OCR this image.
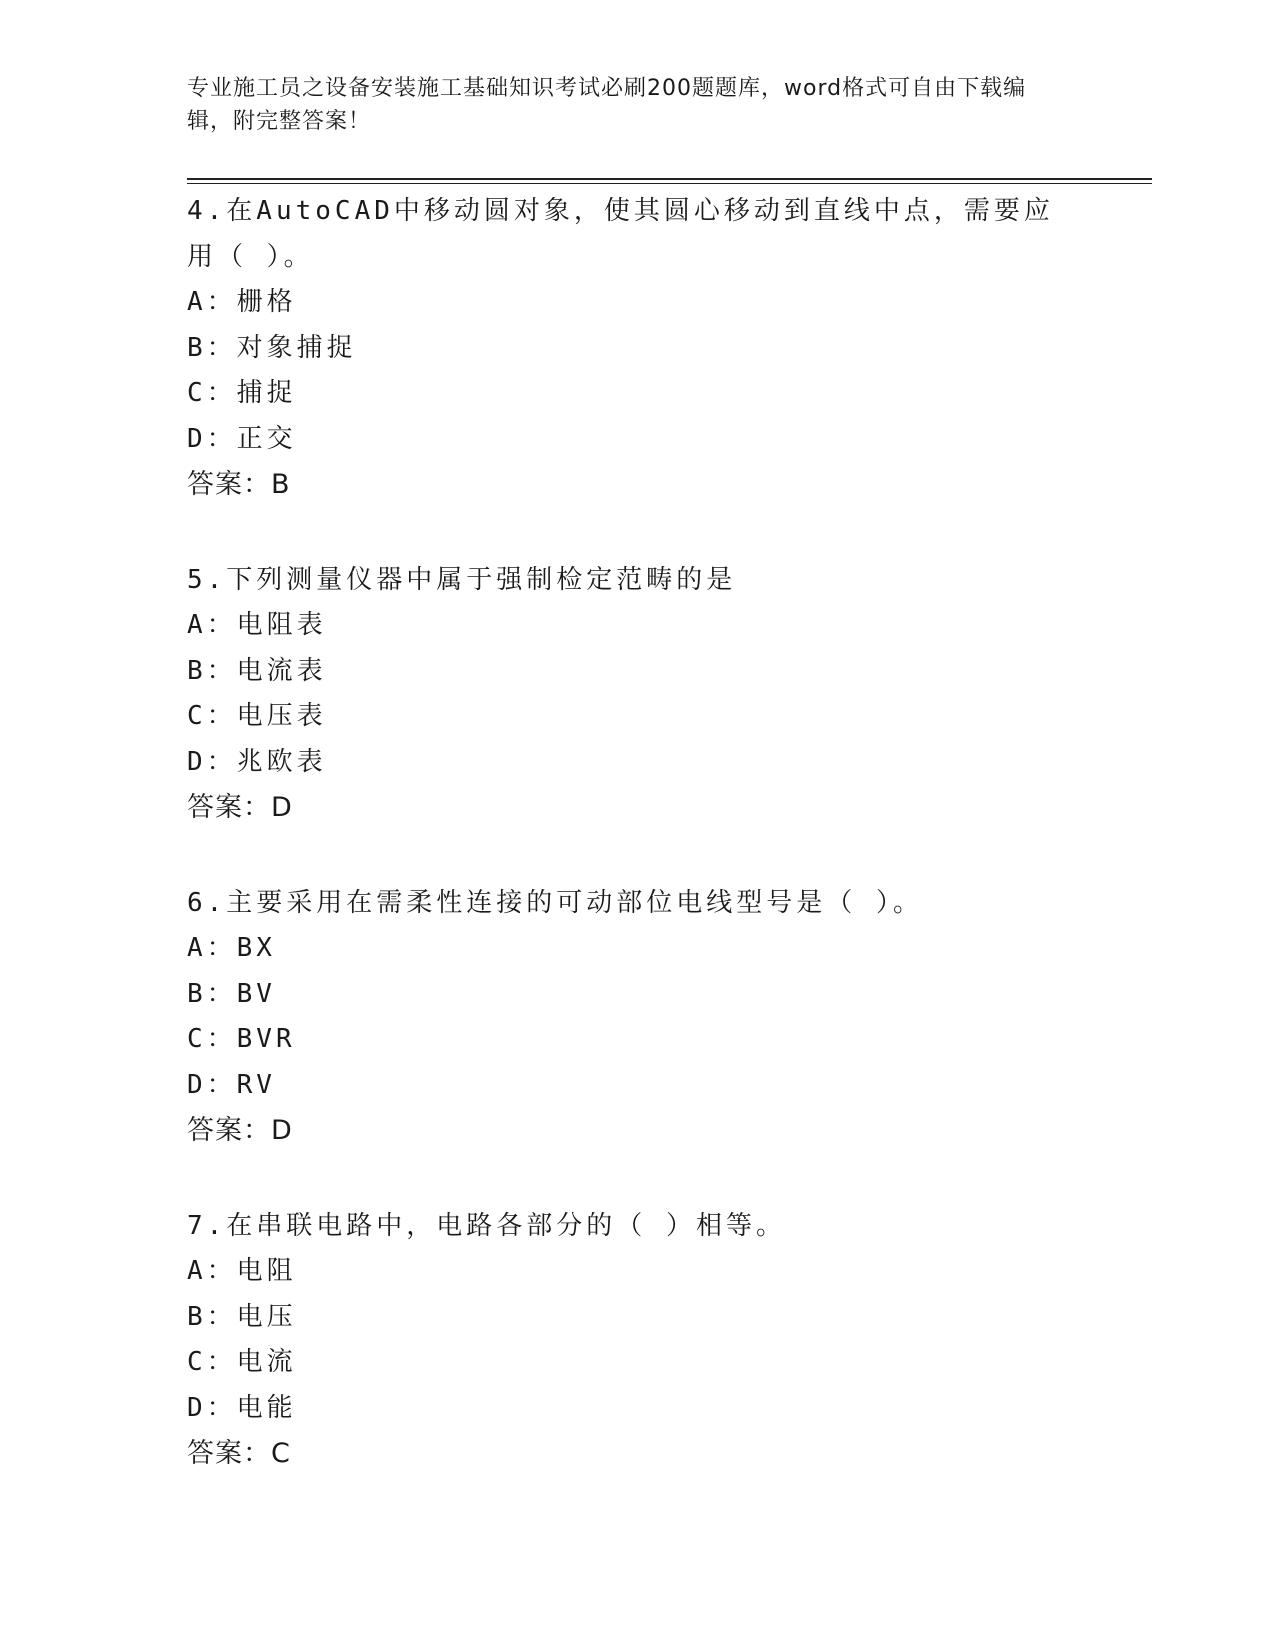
专业施工员之设备安装施工基础知识考试必刷200题题库，word格式可自由下载编辑，附完整答案！
4.在AutoCAD中移动圆对象，使其圆心移动到直线中点，需要应用（ ）。
A：栅格
B：对象捕捉
C：捕捉
D：正交
答案：B
5.下列测量仪器中属于强制检定范畴的是
A：电阻表
B：电流表
C：电压表
D：兆欧表
答案：D
6.主要采用在需柔性连接的可动部位电线型号是（ ）。
A：BX
B：BV
C：BVR
D：RV
答案：D
7.在串联电路中，电路各部分的（ ）相等。
A：电阻
B：电压
C：电流
D：电能
答案：C
